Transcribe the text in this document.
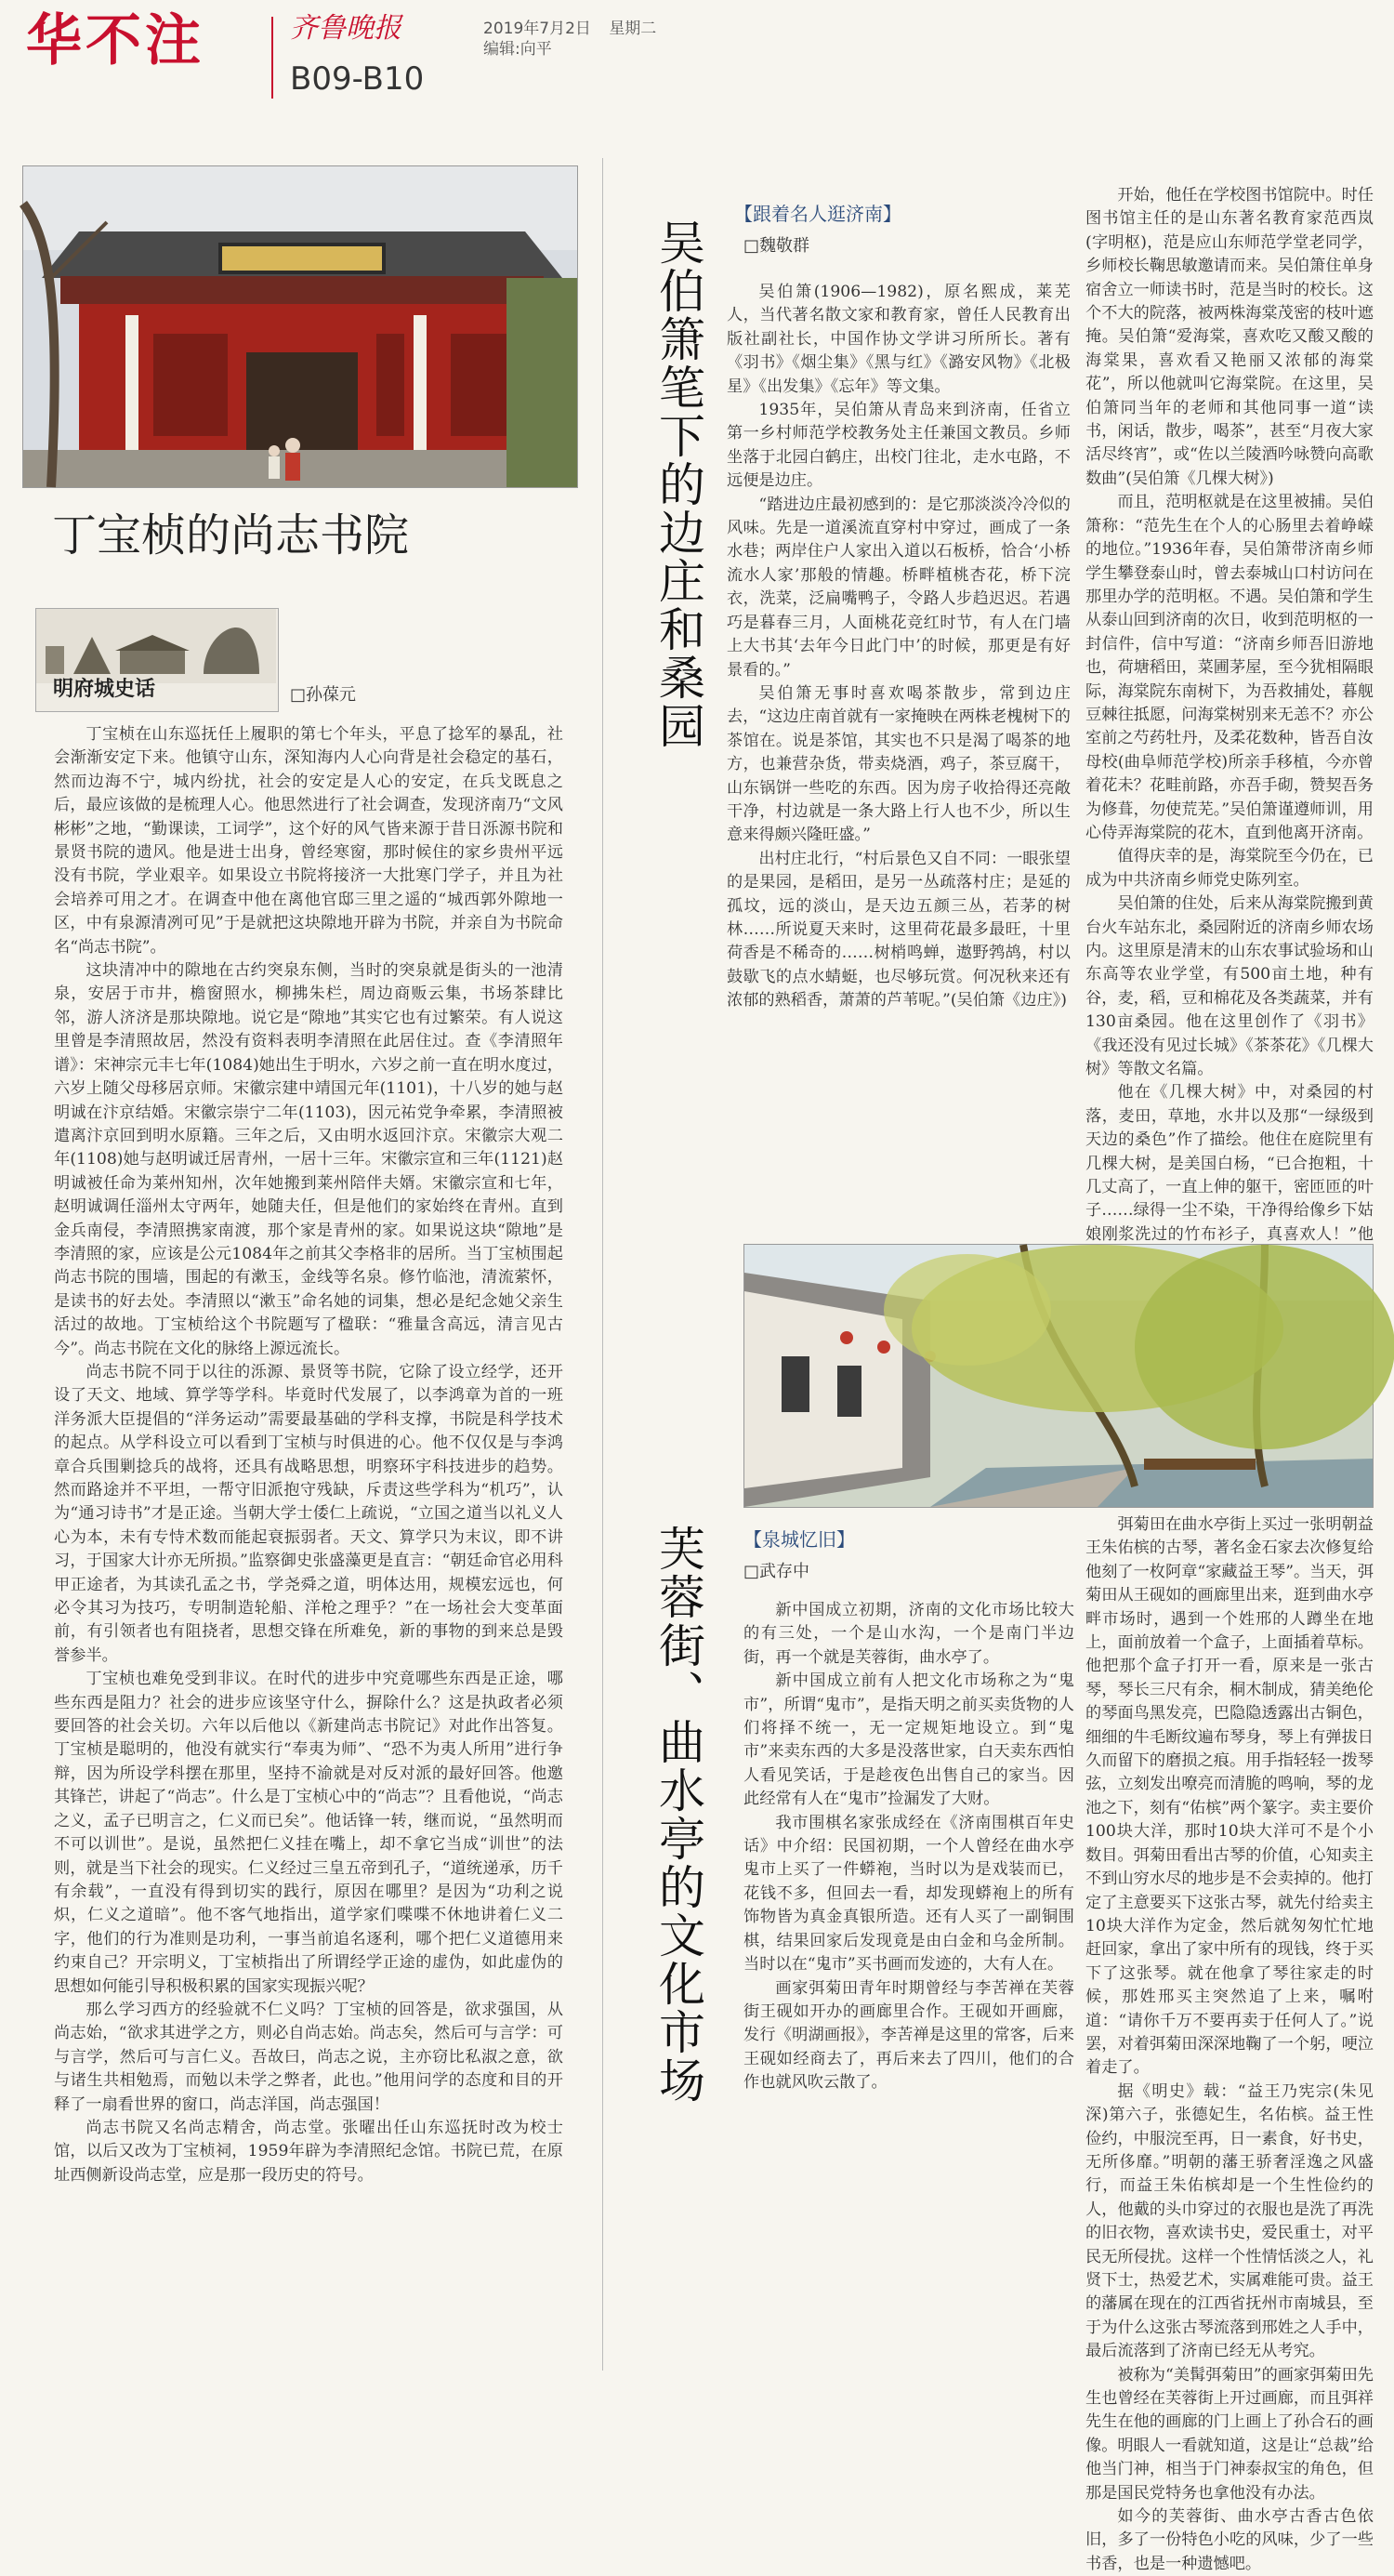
华不注	齐鲁晚报	2019年7月2日 星期二
编辑:向平
B09-B10
丁宝桢的尚志书院
明府城史话	□孙葆元

丁宝桢在山东巡抚任上履职的第七个年头，平息了捻军的暴乱，社会渐渐安定下来。他镇守山东，深知海内人心向背是社会稳定的基石，然而边海不宁，城内纷扰，社会的安定是人心的安定，在兵戈既息之后，最应该做的是梳理人心。他思然进行了社会调查，发现济南乃“文风彬彬”之地，“勤课读，工词学”，这个好的风气皆来源于昔日泺源书院和景贤书院的遗风。他是进士出身，曾经寒窗，那时候住的家乡贵州平远没有书院，学业艰辛。如果设立书院将接济一大批寒门学子，并且为社会培养可用之才。在调查中他在离他官邸三里之遥的“城西郭外隙地一区，中有泉源清冽可见”于是就把这块隙地开辟为书院，并亲自为书院命名“尚志书院”。

这块清冲中的隙地在古约突泉东侧，当时的突泉就是街头的一池清泉，安居于市井，檐窗照水，柳拂朱栏，周边商贩云集，书场茶肆比邻，游人济济是那块隙地。说它是“隙地”其实它也有过繁荣。有人说这里曾是李清照故居，然没有资料表明李清照在此居住过。查《李清照年谱》：宋神宗元丰七年(1084)她出生于明水，六岁之前一直在明水度过，六岁上随父母移居京师。宋徽宗建中靖国元年(1101)，十八岁的她与赵明诚在汴京结婚。宋徽宗崇宁二年(1103)，因元祐党争牵累，李清照被遣离汴京回到明水原籍。三年之后，又由明水返回汴京。宋徽宗大观二年(1108)她与赵明诚迁居青州，一居十三年。宋徽宗宣和三年(1121)赵明诚被任命为莱州知州，次年她搬到莱州陪伴夫婿。宋徽宗宣和七年，赵明诚调任淄州太守两年，她随夫任，但是他们的家始终在青州。直到金兵南侵，李清照携家南渡，那个家是青州的家。如果说这块“隙地”是李清照的家，应该是公元1084年之前其父李格非的居所。当丁宝桢围起尚志书院的围墙，围起的有漱玉，金线等名泉。修竹临池，清流萦怀，是读书的好去处。李清照以“漱玉”命名她的词集，想必是纪念她父亲生活过的故地。丁宝桢给这个书院题写了楹联：“雅量含高远，清言见古今”。尚志书院在文化的脉络上源远流长。

尚志书院不同于以往的泺源、景贤等书院，它除了设立经学，还开设了天文、地域、算学等学科。毕竟时代发展了，以李鸿章为首的一班洋务派大臣提倡的“洋务运动”需要最基础的学科支撑，书院是科学技术的起点。从学科设立可以看到丁宝桢与时俱进的心。他不仅仅是与李鸿章合兵围剿捻兵的战将，还具有战略思想，明察环宇科技进步的趋势。然而路途并不平坦，一帮守旧派抱守残缺，斥责这些学科为“机巧”，认为“通习诗书”才是正途。当朝大学士倭仁上疏说，“立国之道当以礼义人心为本，未有专恃术数而能起衰振弱者。天文、算学只为末议，即不讲习，于国家大计亦无所损。”监察御史张盛藻更是直言：“朝廷命官必用科甲正途者，为其读孔孟之书，学尧舜之道，明体达用，规模宏远也，何必令其习为技巧，专明制造轮船、洋枪之理乎？”在一场社会大变革面前，有引领者也有阻挠者，思想交锋在所难免，新的事物的到来总是毁誉参半。

丁宝桢也难免受到非议。在时代的进步中究竟哪些东西是正途，哪些东西是阻力？社会的进步应该坚守什么，摒除什么？这是执政者必须要回答的社会关切。六年以后他以《新建尚志书院记》对此作出答复。丁宝桢是聪明的，他没有就实行“奉夷为师”、“恐不为夷人所用”进行争辩，因为所设学科摆在那里，坚持不渝就是对反对派的最好回答。他邀其锋芒，讲起了“尚志”。什么是丁宝桢心中的“尚志”？且看他说，“尚志之义，孟子已明言之，仁义而已矣”。他话锋一转，继而说，“虽然明而不可以训世”。是说，虽然把仁义挂在嘴上，却不拿它当成“训世”的法则，就是当下社会的现实。仁义经过三皇五帝到孔子，“道统递承，历千有余载”，一直没有得到切实的践行，原因在哪里？是因为“功利之说炽，仁义之道暗”。他不客气地指出，道学家们喋喋不休地讲着仁义二字，他们的行为准则是功利，一事当前追名逐利，哪个把仁义道德用来约束自己？开宗明义，丁宝桢指出了所谓经学正途的虚伪，如此虚伪的思想如何能引导积极积累的国家实现振兴呢？

那么学习西方的经验就不仁义吗？丁宝桢的回答是，欲求强国，从尚志始，“欲求其进学之方，则必自尚志始。尚志矣，然后可与言学：可与言学，然后可与言仁义。吾故曰，尚志之说，主亦窃比私淑之意，欲与诸生共相勉焉，而勉以未学之弊者，此也。”他用问学的态度和目的开释了一扇看世界的窗口，尚志洋国，尚志强国！

尚志书院又名尚志精舍，尚志堂。张曜出任山东巡抚时改为校士馆，以后又改为丁宝桢祠，1959年辟为李清照纪念馆。书院已荒，在原址西侧新设尚志堂，应是那一段历史的符号。

吴伯箫笔下的边庄和桑园
【跟着名人逛济南】
□魏敬群

吴伯箫(1906—1982)，原名熙成，莱芜人，当代著名散文家和教育家，曾任人民教育出版社副社长，中国作协文学讲习所所长。著有《羽书》《烟尘集》《黑与红》《潞安风物》《北极星》《出发集》《忘年》等文集。

1935年，吴伯箫从青岛来到济南，任省立第一乡村师范学校教务处主任兼国文教员。乡师坐落于北园白鹤庄，出校门往北，走水屯路，不远便是边庄。

“踏进边庄最初感到的：是它那淡淡冷冷似的风味。先是一道溪流直穿村中穿过，画成了一条水巷；两岸住户人家出入道以石板桥，恰合‘小桥流水人家’那般的情趣。桥畔植桃杏花，桥下浣衣，洗菜，泛扁嘴鸭子，令路人步趋迟迟。若遇巧是暮春三月，人面桃花竞红时节，有人在门墙上大书其‘去年今日此门中’的时候，那更是有好景看的。”

吴伯箫无事时喜欢喝茶散步，常到边庄去，“这边庄南首就有一家掩映在两株老槐树下的茶馆在。说是茶馆，其实也不只是渴了喝茶的地方，也兼营杂货，带卖烧酒，鸡子，茶豆腐干，山东锅饼一些吃的东西。因为房子收拾得还亮敞干净，村边就是一条大路上行人也不少，所以生意来得颇兴隆旺盛。”

出村庄北行，“村后景色又自不同：一眼张望的是果园，是稻田，是另一丛疏落村庄；是延的孤坟，远的淡山，是天边五颜三丛，若茅的树林……所说夏天来时，这里荷花最多最旺，十里荷香是不稀奇的……树梢鸣蝉，遨野鹁鸪，村以鼓歇飞的点水蜻蜓，也尽够玩赏。何况秋来还有浓郁的熟稻香，萧萧的芦苇呢。”(吴伯箫《边庄》)

开始，他任在学校图书馆院中。时任图书馆主任的是山东著名教育家范西岚(字明枢)，范是应山东师范学堂老同学，乡师校长鞠思敏邀请而来。吴伯箫住单身宿舍立一师读书时，范是当时的校长。这个不大的院落，被两株海棠茂密的枝叶遮掩。吴伯箫“爱海棠，喜欢吃又酸又酸的海棠果，喜欢看又艳丽又浓郁的海棠花”，所以他就叫它海棠院。在这里，吴伯箫同当年的老师和其他同事一道“读书，闲话，散步，喝茶”，甚至“月夜大家活尽终宵”，或“佐以兰陵酒吟咏赞向高歌数曲”(吴伯箫《几棵大树》)

而且，范明枢就是在这里被捕。吴伯箫称：“范先生在个人的心肠里去着峥嵘的地位。”1936年春，吴伯箫带济南乡师学生攀登泰山时，曾去泰城山口村访问在那里办学的范明枢。不遇。吴伯箫和学生从泰山回到济南的次日，收到范明枢的一封信件，信中写道：“济南乡师吾旧游地也，荷塘稻田，菜圃茅屋，至今犹相隔眼际，海棠院东南树下，为吾救捕处，暮舰豆棘往抵愿，问海棠树别来无恙不？亦公室前之芍药牡丹，及柔花数种，皆吾自汝母校(曲阜师范学校)所亲手移植，今亦曾着花未？花畦前路，亦吾手砌，赞契吾务为修葺，勿使荒芜。”吴伯箫谨遵师训，用心侍弄海棠院的花木，直到他离开济南。

值得庆幸的是，海棠院至今仍在，已成为中共济南乡师党史陈列室。

吴伯箫的住处，后来从海棠院搬到黄台火车站东北，桑园附近的济南乡师农场内。这里原是清末的山东农事试验场和山东高等农业学堂，有500亩土地，种有谷，麦，稻，豆和棉花及各类蔬菜，并有130亩桑园。他在这里创作了《羽书》《我还没有见过长城》《茶茶花》《几棵大树》等散文名篇。

他在《几棵大树》中，对桑园的村落，麦田，草地，水井以及那“一绿级到天边的桑色”作了描绘。他住在庭院里有几棵大树，是美国白杨，“已合抱粗，十几丈高了，一直上伸的躯干，密匝匝的叶子……绿得一尘不染，干净得给像乡下姑娘刚浆洗过的竹布衫子，真喜欢人！”他

芙蓉街、曲水亭的文化市场 【泉城忆旧】
□武存中

新中国成立初期，济南的文化市场比较大的有三处，一个是山水沟，一个是南门半边街，再一个就是芙蓉街，曲水亭了。

新中国成立前有人把文化市场称之为“鬼市”，所谓“鬼市”，是指天明之前买卖货物的人们将择不统一，无一定规矩地设立。到“鬼市”来卖东西的大多是没落世家，白天卖东西怕人看见笑话，于是趁夜色出售自己的家当。因此经常有人在“鬼市”捡漏发了大财。

我市围棋名家张成经在《济南围棋百年史话》中介绍：民国初期，一个人曾经在曲水亭鬼市上买了一件蟒袍，当时以为是戏装而已，花钱不多，但回去一看，却发现蟒袍上的所有饰物皆为真金真银所造。还有人买了一副铜围棋，结果回家后发现竟是由白金和乌金所制。当时以在“鬼市”买书画而发迹的，大有人在。

画家弭菊田青年时期曾经与李苦禅在芙蓉街王砚如开办的画廊里合作。王砚如开画廊，发行《明湖画报》，李苦禅是这里的常客，后来王砚如经商去了，再后来去了四川，他们的合作也就风吹云散了。

弭菊田在曲水亭街上买过一张明朝益王朱佑槟的古琴，著名金石家去次修复给他刻了一枚阿章“家藏益王琴”。当天，弭菊田从王砚如的画廊里出来，逛到曲水亭畔市场时，遇到一个姓邢的人蹲坐在地上，面前放着一个盒子，上面插着草标。他把那个盒子打开一看，原来是一张古琴，琴长三尺有余，桐木制成，猜美绝伦的琴面鸟黑发亮，巴隐隐透露出古铜色，细细的牛毛断纹遍布琴身，琴上有弹拔日久而留下的磨损之痕。用手指轻轻一拨琴弦，立刻发出嘹亮而清脆的鸣响，琴的龙池之下，刻有“佑槟”两个篆字。卖主要价100块大洋，那时10块大洋可不是个小数目。弭菊田看出古琴的价值，心知卖主不到山穷水尽的地步是不会卖掉的。他打定了主意要买下这张古琴，就先付给卖主10块大洋作为定金，然后就匆匆忙忙地赶回家，拿出了家中所有的现钱，终于买下了这张琴。就在他拿了琴往家走的时候，那姓邢买主突然追了上来，嘱咐道：“请你千万不要再卖于任何人了。”说罢，对着弭菊田深深地鞠了一个躬，哽泣着走了。

据《明史》载：“益王乃宪宗(朱见深)第六子，张德妃生，名佑槟。益王性俭约，中服浣至再，日一素食，好书史，无所侈靡。”明朝的藩王骄奢淫逸之风盛行，而益王朱佑槟却是一个生性俭约的人，他戴的头巾穿过的衣服也是洗了再洗的旧衣物，喜欢读书史，爱民重士，对平民无所侵扰。这样一个性情恬淡之人，礼贤下士，热爱艺术，实属难能可贵。益王的藩属在现在的江西省抚州市南城县，至于为什么这张古琴流落到邢姓之人手中，最后流落到了济南已经无从考究。

被称为“美髯弭菊田”的画家弭菊田先生也曾经在芙蓉街上开过画廊，而且弭祥先生在他的画廊的门上画上了孙合石的画像。明眼人一看就知道，这是让“总裁”给他当门神，相当于门神泰叔宝的角色，但那是国民党特务也拿他没有办法。

如今的芙蓉街、曲水亭古香古色依旧，多了一份特色小吃的风味，少了一些书香，也是一种遗憾吧。
